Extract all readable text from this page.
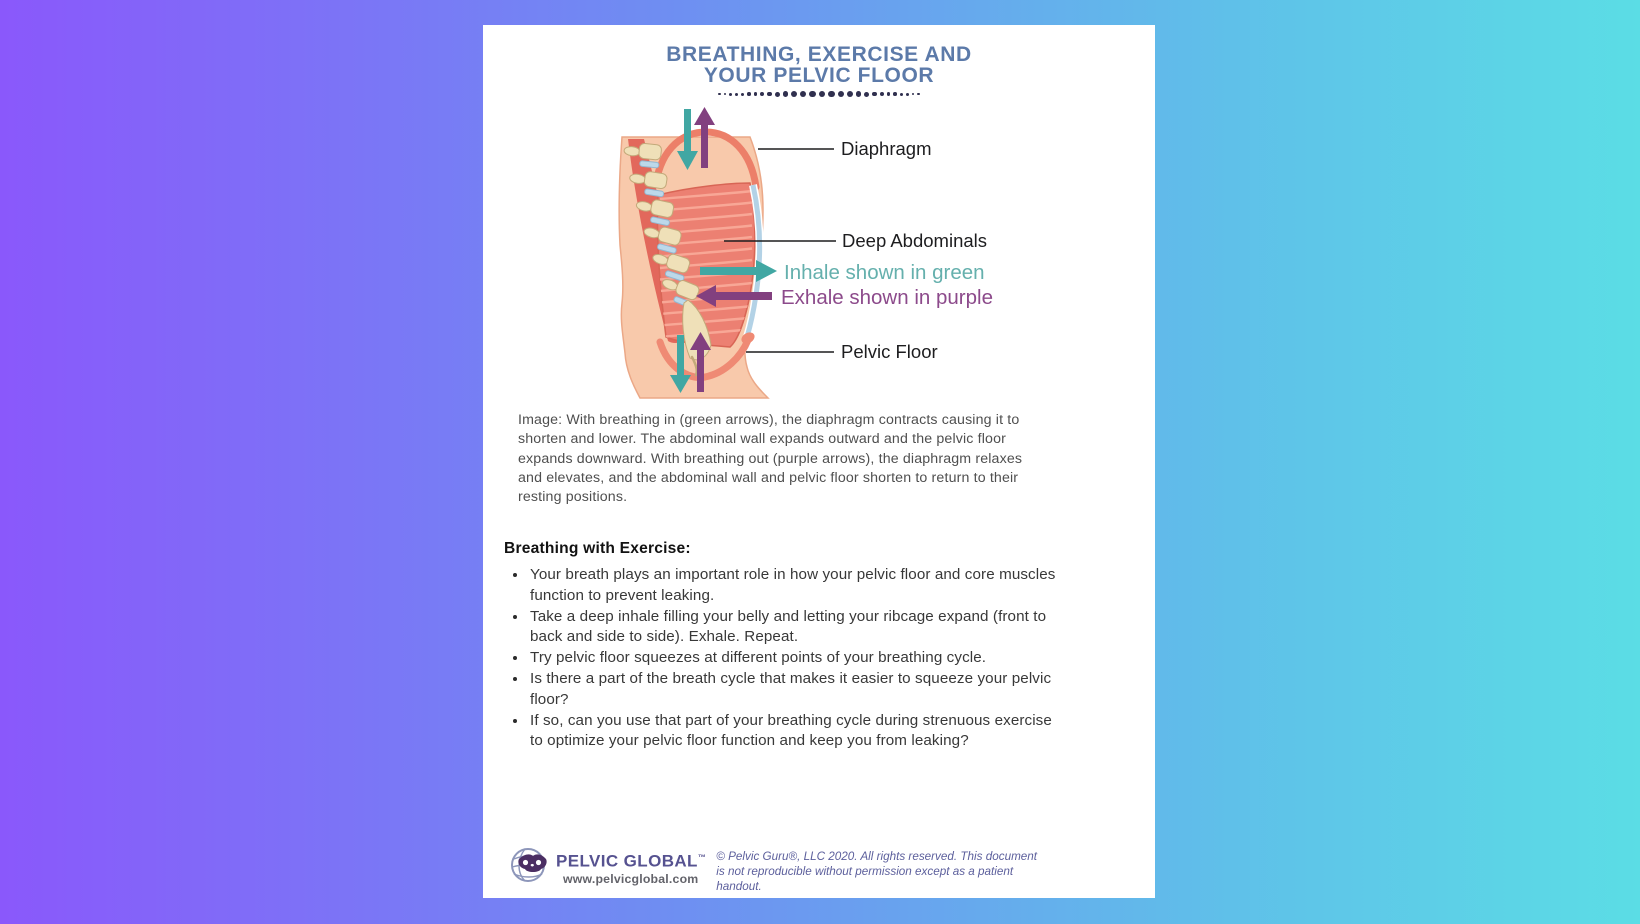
BREATHING, EXERCISE AND
YOUR PELVIC FLOOR
Diaphragm
Deep Abdominals
Inhale shown in green
Exhale shown in purple
Pelvic Floor
Image: With breathing in (green arrows), the diaphragm contracts causing it to shorten and lower. The abdominal wall expands outward and the pelvic floor expands downward. With breathing out (purple arrows), the diaphragm relaxes and elevates, and the abdominal wall and pelvic floor shorten to return to their resting positions.
Breathing with Exercise:
• Your breath plays an important role in how your pelvic floor and core muscles function to prevent leaking.
• Take a deep inhale filling your belly and letting your ribcage expand (front to back and side to side). Exhale. Repeat.
• Try pelvic floor squeezes at different points of your breathing cycle.
• Is there a part of the breath cycle that makes it easier to squeeze your pelvic floor?
• If so, can you use that part of your breathing cycle during strenuous exercise to optimize your pelvic floor function and keep you from leaking?
PELVIC GLOBAL™
www.pelvicglobal.com
© Pelvic Guru®, LLC 2020. All rights reserved. This document is not reproducible without permission except as a patient handout.
